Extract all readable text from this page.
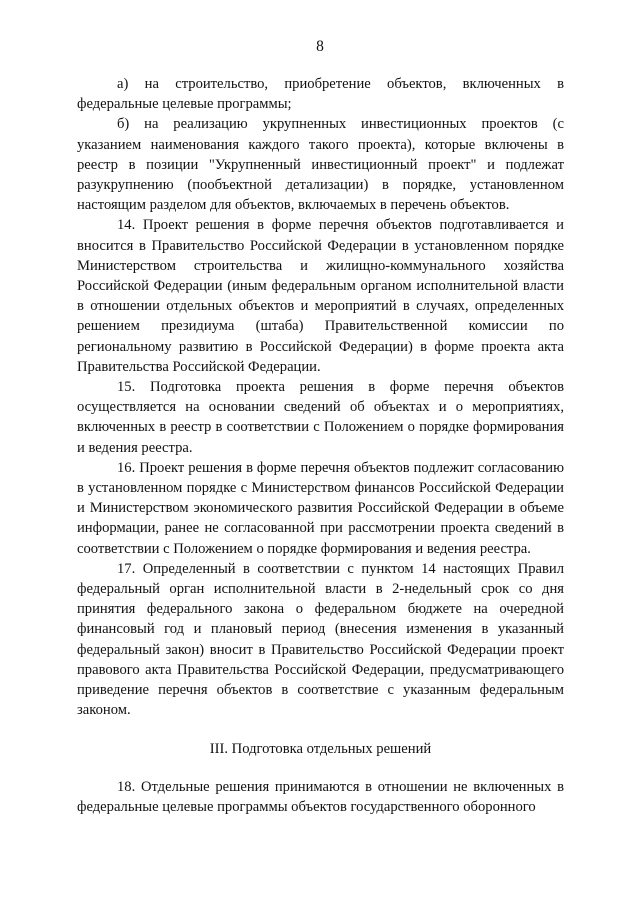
8

а) на строительство, приобретение объектов, включенных в федеральные целевые программы;

б) на реализацию укрупненных инвестиционных проектов (с указанием наименования каждого такого проекта), которые включены в реестр в позиции "Укрупненный инвестиционный проект" и подлежат разукрупнению (пообъектной детализации) в порядке, установленном настоящим разделом для объектов, включаемых в перечень объектов.

14. Проект решения в форме перечня объектов подготавливается и вносится в Правительство Российской Федерации в установленном порядке Министерством строительства и жилищно-коммунального хозяйства Российской Федерации (иным федеральным органом исполнительной власти в отношении отдельных объектов и мероприятий в случаях, определенных решением президиума (штаба) Правительственной комиссии по региональному развитию в Российской Федерации) в форме проекта акта Правительства Российской Федерации.

15. Подготовка проекта решения в форме перечня объектов осуществляется на основании сведений об объектах и о мероприятиях, включенных в реестр в соответствии с Положением о порядке формирования и ведения реестра.

16. Проект решения в форме перечня объектов подлежит согласованию в установленном порядке с Министерством финансов Российской Федерации и Министерством экономического развития Российской Федерации в объеме информации, ранее не согласованной при рассмотрении проекта сведений в соответствии с Положением о порядке формирования и ведения реестра.

17. Определенный в соответствии с пунктом 14 настоящих Правил федеральный орган исполнительной власти в 2-недельный срок со дня принятия федерального закона о федеральном бюджете на очередной финансовый год и плановый период (внесения изменения в указанный федеральный закон) вносит в Правительство Российской Федерации проект правового акта Правительства Российской Федерации, предусматривающего приведение перечня объектов в соответствие с указанным федеральным законом.

III. Подготовка отдельных решений

18. Отдельные решения принимаются в отношении не включенных в федеральные целевые программы объектов государственного оборонного
